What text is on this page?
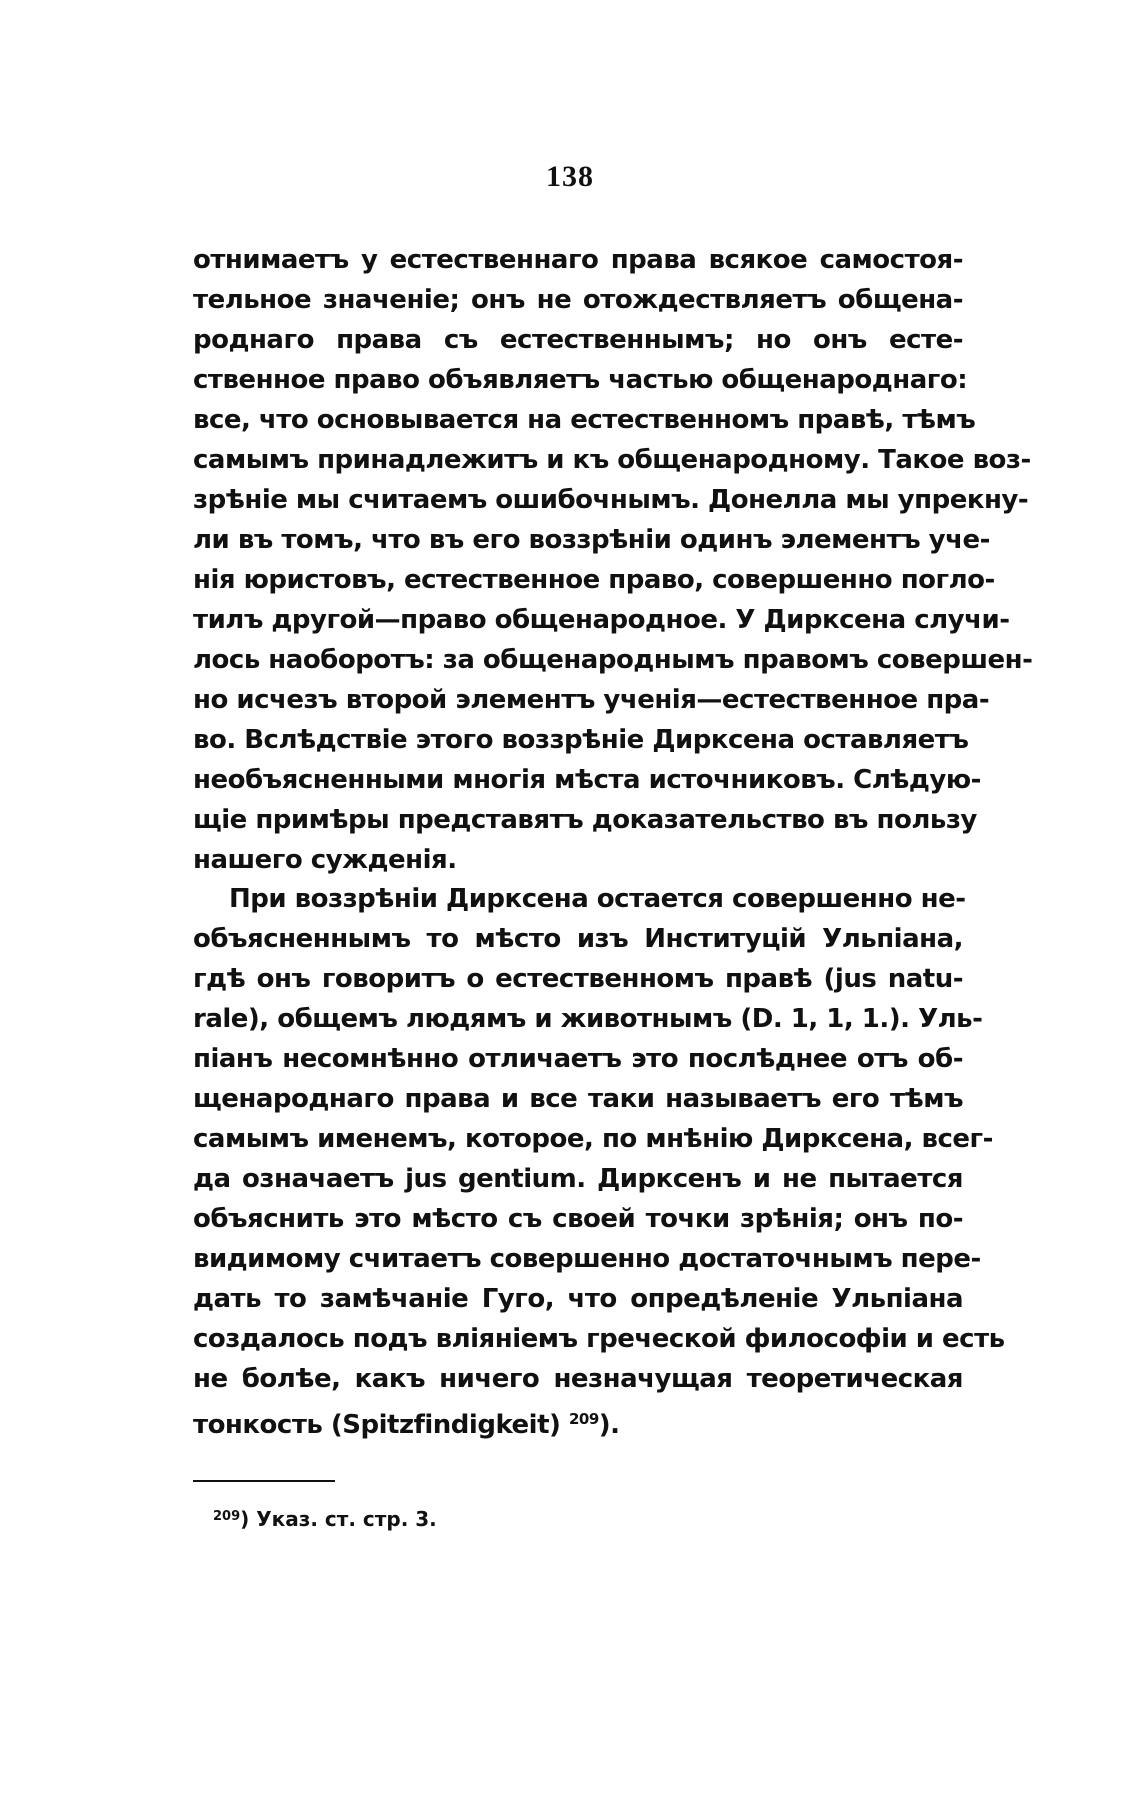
138
отнимаетъ у естественнаго права всякое самостоя-
тельное значеніе; онъ не отождествляетъ общена-
роднаго права съ естественнымъ; но онъ есте-
ственное право объявляетъ частью общенароднаго:
все, что основывается на естественномъ правѣ, тѣмъ
самымъ принадлежитъ и къ общенародному. Такое воз-
зрѣніе мы считаемъ ошибочнымъ. Донелла мы упрекну-
ли въ томъ, что въ его воззрѣніи одинъ элементъ уче-
нія юристовъ, естественное право, совершенно погло-
тилъ другой—право общенародное. У Дирксена случи-
лось наоборотъ: за общенароднымъ правомъ совершен-
но исчезъ второй элементъ ученія—естественное пра-
во. Вслѣдствіе этого воззрѣніе Дирксена оставляетъ
необъясненными многія мѣста источниковъ. Слѣдую-
щіе примѣры представятъ доказательство въ пользу
нашего сужденія.
При воззрѣніи Дирксена остается совершенно не-
объясненнымъ то мѣсто изъ Институцій Ульпіана,
гдѣ онъ говоритъ о естественномъ правѣ (jus natu-
rale), общемъ людямъ и животнымъ (D. 1, 1, 1.). Уль-
піанъ несомнѣнно отличаетъ это послѣднее отъ об-
щенароднаго права и все таки называетъ его тѣмъ
самымъ именемъ, которое, по мнѣнію Дирксена, всег-
да означаетъ jus gentium. Дирксенъ и не пытается
объяснить это мѣсто съ своей точки зрѣнія; онъ по-
видимому считаетъ совершенно достаточнымъ пере-
дать то замѣчаніе Гуго, что опредѣленіе Ульпіана
создалось подъ вліяніемъ греческой философіи и есть
не болѣе, какъ ничего незначущая теоретическая
тонкость (Spitzfindigkeit) $^{209}$).
$^{209}$) Указ. ст. стр. 3.
